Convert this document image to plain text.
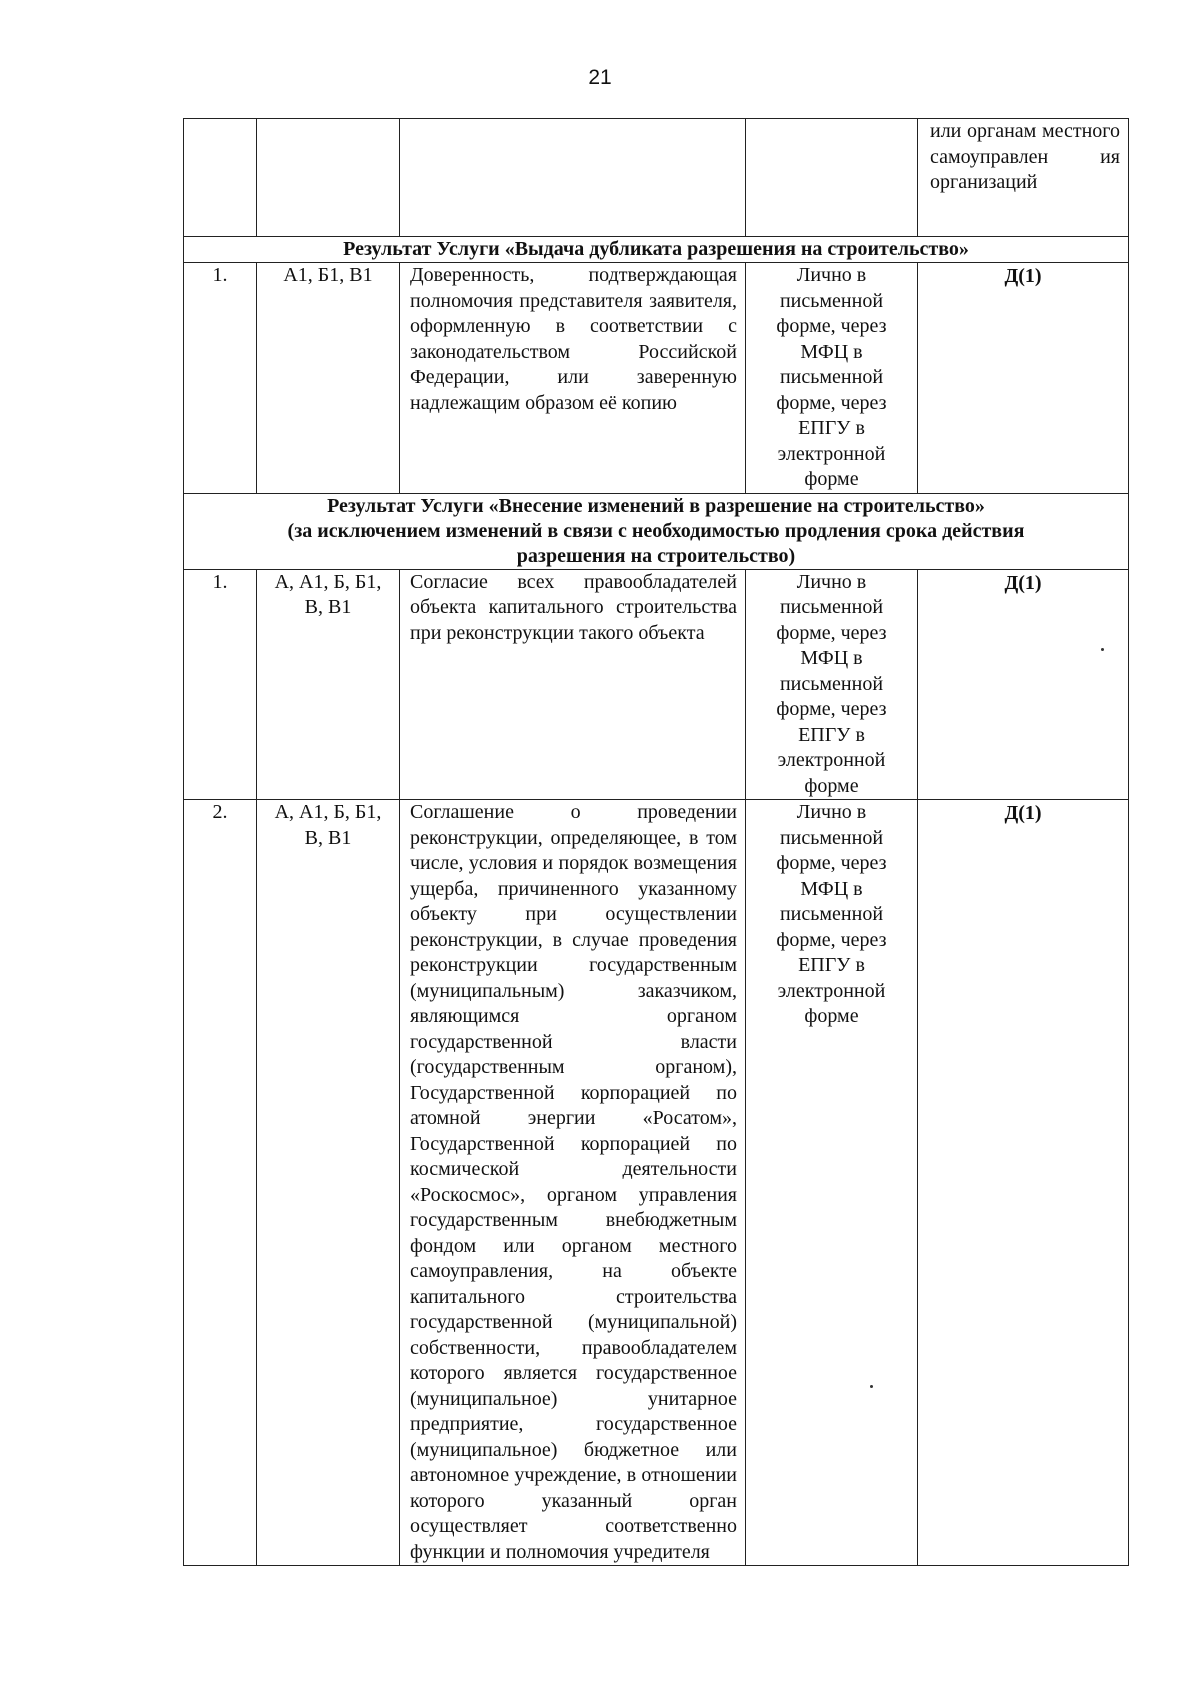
21

				или органам местного самоуправлен ия организаций

Результат Услуги «Выдача дубликата разрешения на строительство»				
1.	А1, Б1, В1	Доверенность, подтверждающая полномочия представителя заявителя, оформленную в соответствии с законодательством Российской Федерации, или заверенную надлежащим образом её копию	Лично в письменной форме, через МФЦ в письменной форме, через ЕПГУ в электронной форме	Д(1)

Результат Услуги «Внесение изменений в разрешение на строительство»
(за исключением изменений в связи с необходимостью продления срока действия
разрешения на строительство)				

1.	А, А1, Б, Б1, В, В1	Согласие всех правообладателей объекта капитального строительства при реконструкции такого объекта	Лично в письменной форме, через МФЦ в письменной форме, через ЕПГУ в электронной форме	Д(1)

2.	А, А1, Б, Б1, В, В1	Соглашение о проведении реконструкции, определяющее, в том числе, условия и порядок возмещения ущерба, причиненного указанному объекту при осуществлении реконструкции, в случае проведения реконструкции государственным (муниципальным) заказчиком, являющимся органом государственной власти (государственным органом), Государственной корпорацией по атомной энергии «Росатом», Государственной корпорацией по космической деятельности «Роскосмос», органом управления государственным внебюджетным фондом или органом местного самоуправления, на объекте капитального строительства государственной (муниципальной) собственности, правообладателем которого является государственное (муниципальное) унитарное предприятие, государственное (муниципальное) бюджетное или автономное учреждение, в отношении которого указанный орган осуществляет соответственно функции и полномочия учредителя	Лично в письменной форме, через МФЦ в письменной форме, через ЕПГУ в электронной форме	Д(1)
